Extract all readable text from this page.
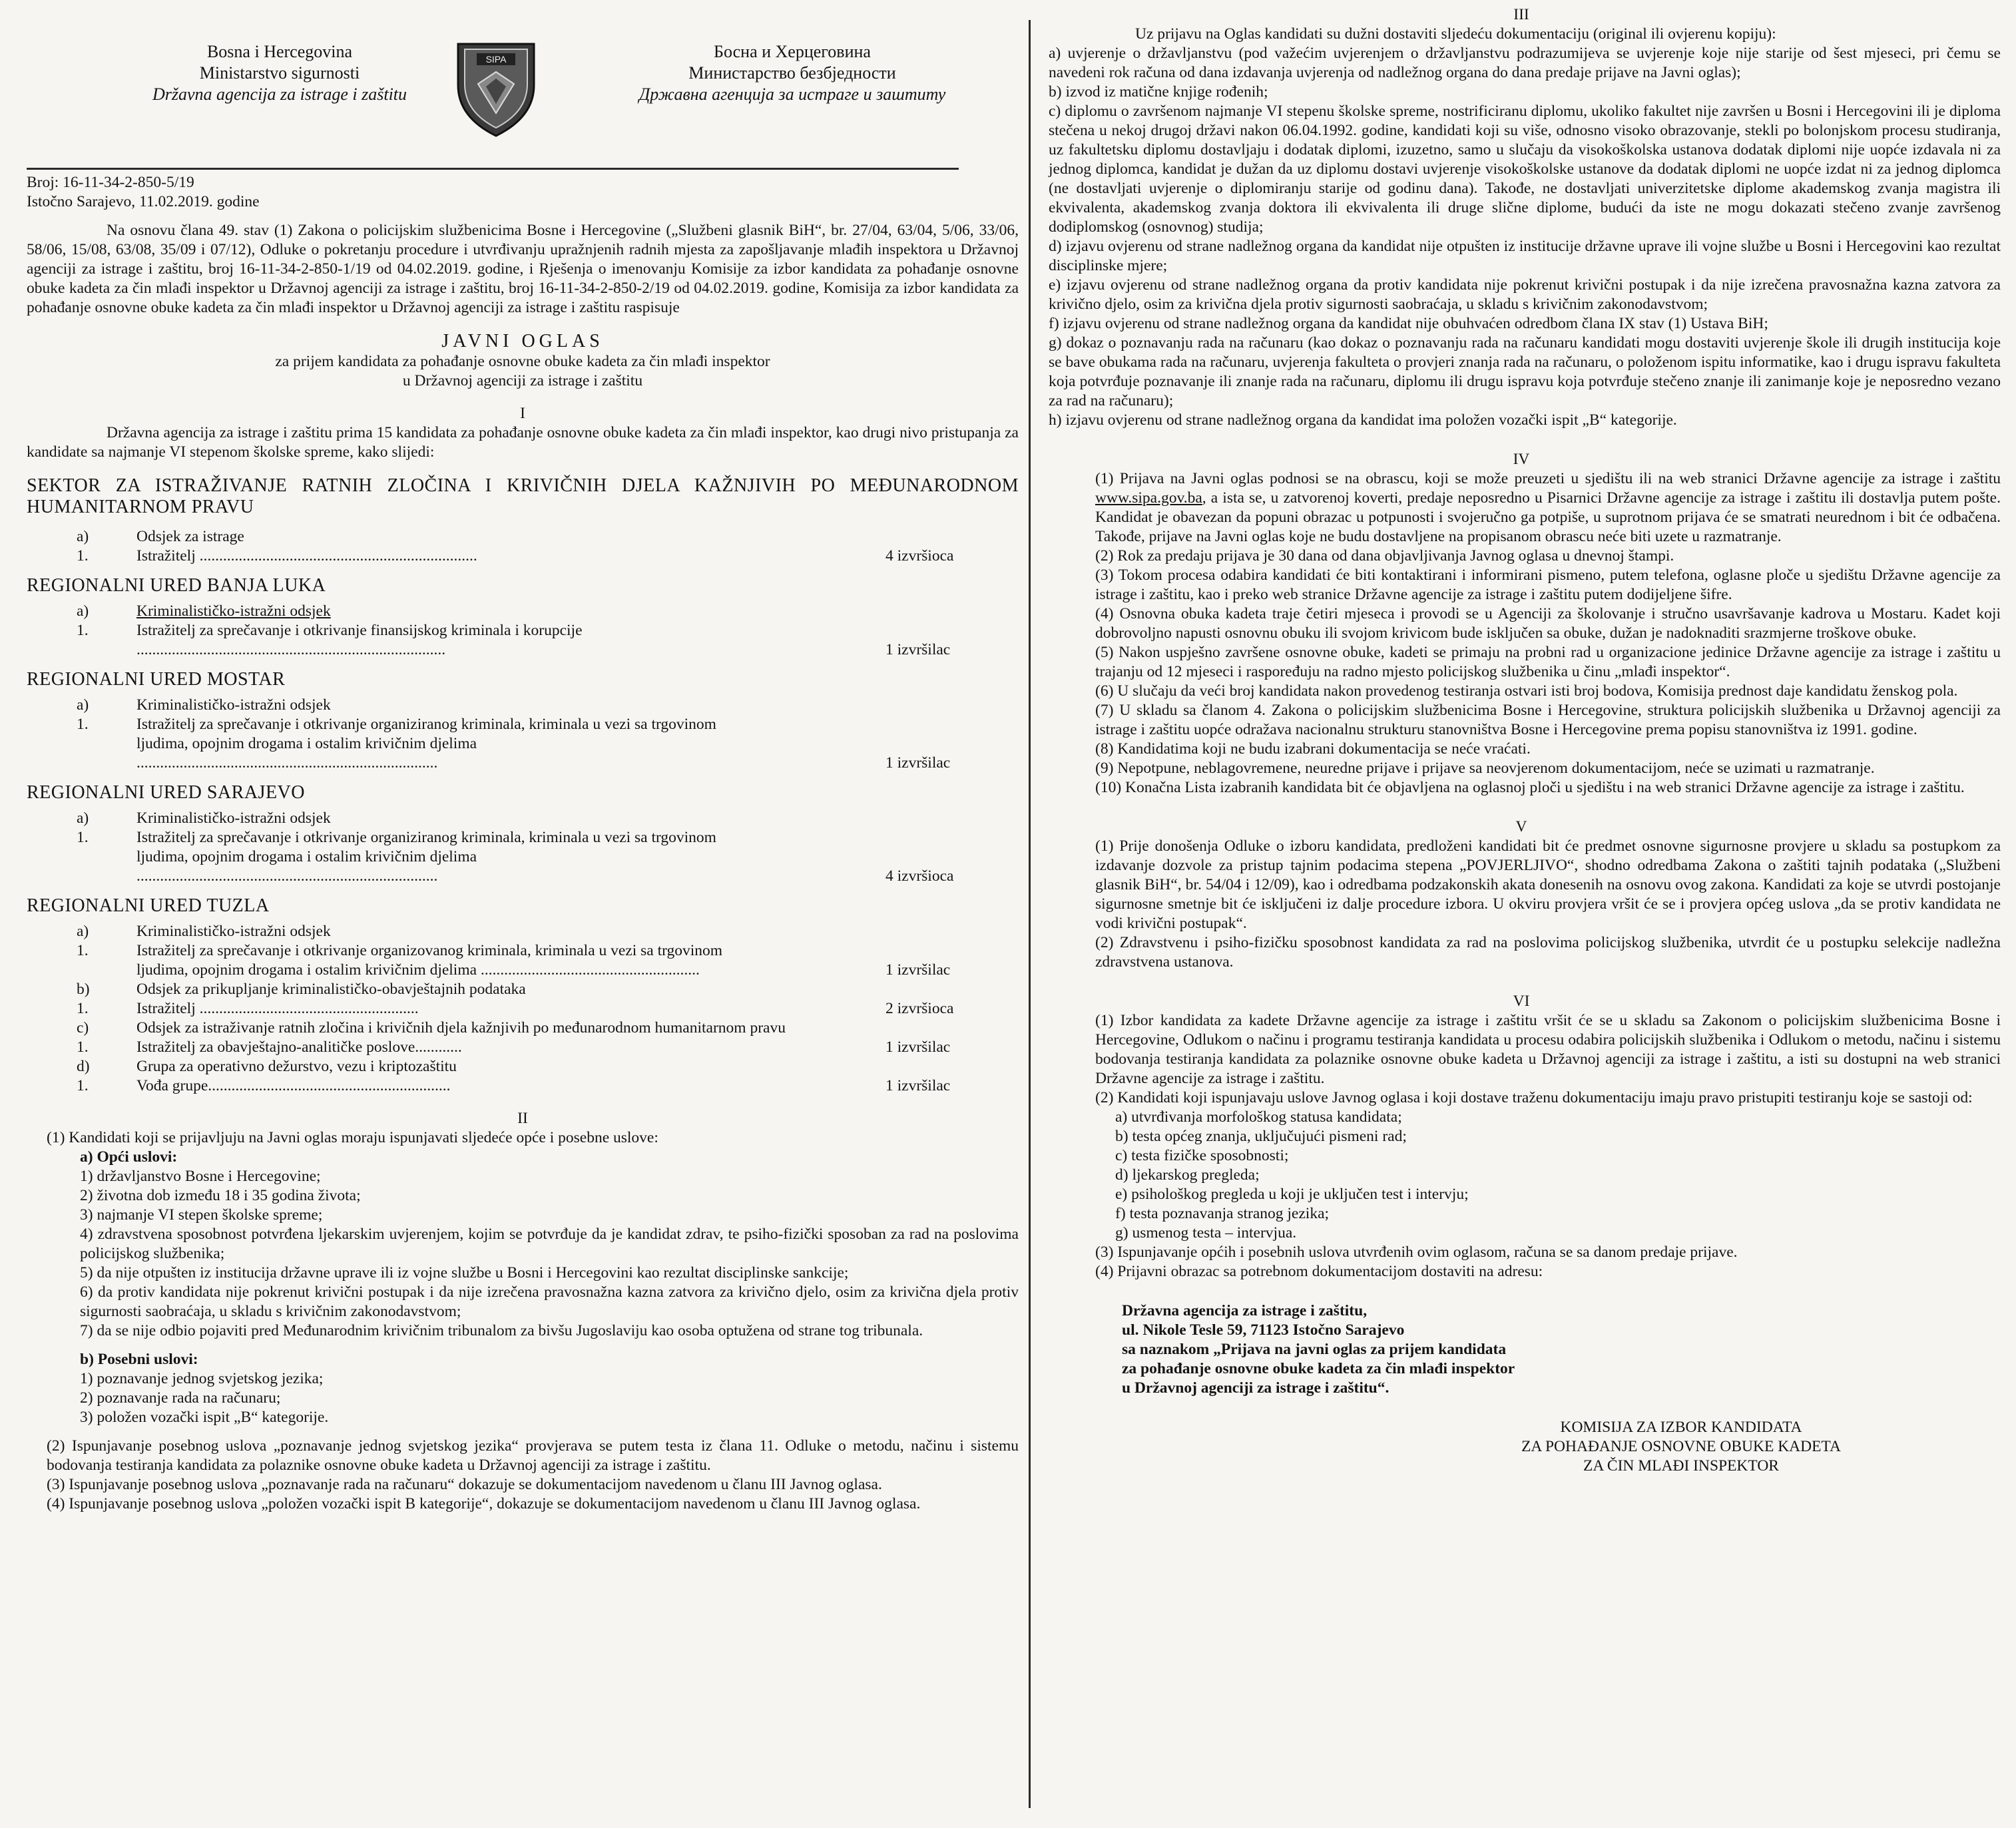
Bosna i Hercegovina
Ministarstvo sigurnosti
Državna agencija za istrage i zaštitu
SIPA	Босна и Херцеговина
Министарство безбједности
Државна агенција за истраге и заштиту

Broj: 16-11-34-2-850-5/19

Istočno Sarajevo, 11.02.2019. godine

Na osnovu člana 49. stav (1) Zakona o policijskim službenicima Bosne i Hercegovine („Službeni glasnik BiH“, br. 27/04, 63/04, 5/06, 33/06, 58/06, 15/08, 63/08, 35/09 i 07/12), Odluke o pokretanju procedure i utvrđivanju upražnjenih radnih mjesta za zapošljavanje mlađih inspektora u Državnoj agenciji za istrage i zaštitu, broj 16-11-34-2-850-1/19 od 04.02.2019. godine, i Rješenja o imenovanju Komisije za izbor kandidata za pohađanje osnovne obuke kadeta za čin mlađi inspektor u Državnoj agenciji za istrage i zaštitu, broj 16-11-34-2-850-2/19 od 04.02.2019. godine, Komisija za izbor kandidata za pohađanje osnovne obuke kadeta za čin mlađi inspektor u Državnoj agenciji za istrage i zaštitu raspisuje

JAVNI OGLAS

za prijem kandidata za pohađanje osnovne obuke kadeta za čin mlađi inspektor

u Državnoj agenciji za istrage i zaštitu

I

Državna agencija za istrage i zaštitu prima 15 kandidata za pohađanje osnovne obuke kadeta za čin mlađi inspektor, kao drugi nivo pristupanja za kandidate sa najmanje VI stepenom školske spreme, kako slijedi:

SEKTOR ZA ISTRAŽIVANJE RATNIH ZLOČINA I KRIVIČNIH DJELA KAŽNJIVIH PO MEĐUNARODNOM HUMANITARNOM PRAVU

a)	Odsjek za istrage
1.	Istražitelj .......................................................................	4 izvršioca

REGIONALNI URED BANJA LUKA

a)	Kriminalističko-istražni odsjek
1.	Istražitelj za sprečavanje i otkrivanje finansijskog kriminala i korupcije ...............................................................................	1 izvršilac

REGIONALNI URED MOSTAR

a)	Kriminalističko-istražni odsjek
1.	Istražitelj za sprečavanje i otkrivanje organiziranog kriminala, kriminala u vezi sa trgovinom ljudima, opojnim drogama i ostalim krivičnim djelima .............................................................................	1 izvršilac

REGIONALNI URED SARAJEVO

a)	Kriminalističko-istražni odsjek
1.	Istražitelj za sprečavanje i otkrivanje organiziranog kriminala, kriminala u vezi sa trgovinom ljudima, opojnim drogama i ostalim krivičnim djelima .............................................................................	4 izvršioca

REGIONALNI URED TUZLA

a)	Kriminalističko-istražni odsjek
1.	Istražitelj za sprečavanje i otkrivanje organizovanog kriminala, kriminala u vezi sa trgovinom ljudima, opojnim drogama i ostalim krivičnim djelima ........................................................	1 izvršilac
b)	Odsjek za prikupljanje kriminalističko-obavještajnih podataka
1.	Istražitelj ........................................................	2 izvršioca
c)	Odsjek za istraživanje ratnih zločina i krivičnih djela kažnjivih po međunarodnom humanitarnom pravu
1.	Istražitelj za obavještajno-analitičke poslove............	1 izvršilac
d)	Grupa za operativno dežurstvo, vezu i kriptozaštitu
1.	Vođa grupe..............................................................	1 izvršilac

II

(1) Kandidati koji se prijavljuju na Javni oglas moraju ispunjavati sljedeće opće i posebne uslove:

a) Opći uslovi:

1) državljanstvo Bosne i Hercegovine;

2) životna dob između 18 i 35 godina života;

3) najmanje VI stepen školske spreme;

4) zdravstvena sposobnost potvrđena ljekarskim uvjerenjem, kojim se potvrđuje da je kandidat zdrav, te psiho-fizički sposoban za rad na poslovima policijskog službenika;

5) da nije otpušten iz institucija državne uprave ili iz vojne službe u Bosni i Hercegovini kao rezultat disciplinske sankcije;

6) da protiv kandidata nije pokrenut krivični postupak i da nije izrečena pravosnažna kazna zatvora za krivično djelo, osim za krivična djela protiv sigurnosti saobraćaja, u skladu s krivičnim zakonodavstvom;

7) da se nije odbio pojaviti pred Međunarodnim krivičnim tribunalom za bivšu Jugoslaviju kao osoba optužena od strane tog tribunala.

b) Posebni uslovi:

1) poznavanje jednog svjetskog jezika;

2) poznavanje rada na računaru;

3) položen vozački ispit „B“ kategorije.

(2) Ispunjavanje posebnog uslova „poznavanje jednog svjetskog jezika“ provjerava se putem testa iz člana 11. Odluke o metodu, načinu i sistemu bodovanja testiranja kandidata za polaznike osnovne obuke kadeta u Državnoj agenciji za istrage i zaštitu.

(3) Ispunjavanje posebnog uslova „poznavanje rada na računaru“ dokazuje se dokumentacijom navedenom u članu III Javnog oglasa.

(4) Ispunjavanje posebnog uslova „položen vozački ispit B kategorije“, dokazuje se dokumentacijom navedenom u članu III Javnog oglasa.

III

Uz prijavu na Oglas kandidati su dužni dostaviti sljedeću dokumentaciju (original ili ovjerenu kopiju):

a) uvjerenje o državljanstvu (pod važećim uvjerenjem o državljanstvu podrazumijeva se uvjerenje koje nije starije od šest mjeseci, pri čemu se navedeni rok računa od dana izdavanja uvjerenja od nadležnog organa do dana predaje prijave na Javni oglas);

b) izvod iz matične knjige rođenih;

c) diplomu o završenom najmanje VI stepenu školske spreme, nostrificiranu diplomu, ukoliko fakultet nije završen u Bosni i Hercegovini ili je diploma stečena u nekoj drugoj državi nakon 06.04.1992. godine, kandidati koji su više, odnosno visoko obrazovanje, stekli po bolonjskom procesu studiranja, uz fakultetsku diplomu dostavljaju i dodatak diplomi, izuzetno, samo u slučaju da visokoškolska ustanova dodatak diplomi nije uopće izdavala ni za jednog diplomca, kandidat je dužan da uz diplomu dostavi uvjerenje visokoškolske ustanove da dodatak diplomi ne uopće izdat ni za jednog diplomca (ne dostavljati uvjerenje o diplomiranju starije od godinu dana). Takođe, ne dostavljati univerzitetske diplome akademskog zvanja magistra ili ekvivalenta, akademskog zvanja doktora ili ekvivalenta ili druge slične diplome, budući da iste ne mogu dokazati stečeno zvanje završenog dodiplomskog (osnovnog) studija;

d) izjavu ovjerenu od strane nadležnog organa da kandidat nije otpušten iz institucije državne uprave ili vojne službe u Bosni i Hercegovini kao rezultat disciplinske mjere;

e) izjavu ovjerenu od strane nadležnog organa da protiv kandidata nije pokrenut krivični postupak i da nije izrečena pravosnažna kazna zatvora za krivično djelo, osim za krivična djela protiv sigurnosti saobraćaja, u skladu s krivičnim zakonodavstvom;

f) izjavu ovjerenu od strane nadležnog organa da kandidat nije obuhvaćen odredbom člana IX stav (1) Ustava BiH;

g) dokaz o poznavanju rada na računaru (kao dokaz o poznavanju rada na računaru kandidati mogu dostaviti uvjerenje škole ili drugih institucija koje se bave obukama rada na računaru, uvjerenja fakulteta o provjeri znanja rada na računaru, o položenom ispitu informatike, kao i drugu ispravu fakulteta koja potvrđuje poznavanje ili znanje rada na računaru, diplomu ili drugu ispravu koja potvrđuje stečeno znanje ili zanimanje koje je neposredno vezano za rad na računaru);

h) izjavu ovjerenu od strane nadležnog organa da kandidat ima položen vozački ispit „B“ kategorije.

IV

(1) Prijava na Javni oglas podnosi se na obrascu, koji se može preuzeti u sjedištu ili na web stranici Državne agencije za istrage i zaštitu www.sipa.gov.ba, a ista se, u zatvorenoj koverti, predaje neposredno u Pisarnici Državne agencije za istrage i zaštitu ili dostavlja putem pošte. Kandidat je obavezan da popuni obrazac u potpunosti i svojeručno ga potpiše, u suprotnom prijava će se smatrati neurednom i bit će odbačena. Takođe, prijave na Javni oglas koje ne budu dostavljene na propisanom obrascu neće biti uzete u razmatranje.

(2) Rok za predaju prijava je 30 dana od dana objavljivanja Javnog oglasa u dnevnoj štampi.

(3) Tokom procesa odabira kandidati će biti kontaktirani i informirani pismeno, putem telefona, oglasne ploče u sjedištu Državne agencije za istrage i zaštitu, kao i preko web stranice Državne agencije za istrage i zaštitu putem dodijeljene šifre.

(4) Osnovna obuka kadeta traje četiri mjeseca i provodi se u Agenciji za školovanje i stručno usavršavanje kadrova u Mostaru. Kadet koji dobrovoljno napusti osnovnu obuku ili svojom krivicom bude isključen sa obuke, dužan je nadoknaditi srazmjerne troškove obuke.

(5) Nakon uspješno završene osnovne obuke, kadeti se primaju na probni rad u organizacione jedinice Državne agencije za istrage i zaštitu u trajanju od 12 mjeseci i raspoređuju na radno mjesto policijskog službenika u činu „mlađi inspektor“.

(6) U slučaju da veći broj kandidata nakon provedenog testiranja ostvari isti broj bodova, Komisija prednost daje kandidatu ženskog pola.

(7) U skladu sa članom 4. Zakona o policijskim službenicima Bosne i Hercegovine, struktura policijskih službenika u Državnoj agenciji za istrage i zaštitu uopće odražava nacionalnu strukturu stanovništva Bosne i Hercegovine prema popisu stanovništva iz 1991. godine.

(8) Kandidatima koji ne budu izabrani dokumentacija se neće vraćati.

(9) Nepotpune, neblagovremene, neuredne prijave i prijave sa neovjerenom dokumentacijom, neće se uzimati u razmatranje.

(10) Konačna Lista izabranih kandidata bit će objavljena na oglasnoj ploči u sjedištu i na web stranici Državne agencije za istrage i zaštitu.

V

(1) Prije donošenja Odluke o izboru kandidata, predloženi kandidati bit će predmet osnovne sigurnosne provjere u skladu sa postupkom za izdavanje dozvole za pristup tajnim podacima stepena „POVJERLJIVO“, shodno odredbama Zakona o zaštiti tajnih podataka („Službeni glasnik BiH“, br. 54/04 i 12/09), kao i odredbama podzakonskih akata donesenih na osnovu ovog zakona. Kandidati za koje se utvrdi postojanje sigurnosne smetnje bit će isključeni iz dalje procedure izbora. U okviru provjera vršit će se i provjera općeg uslova „da se protiv kandidata ne vodi krivični postupak“.

(2) Zdravstvenu i psiho-fizičku sposobnost kandidata za rad na poslovima policijskog službenika, utvrdit će u postupku selekcije nadležna zdravstvena ustanova.

VI

(1) Izbor kandidata za kadete Državne agencije za istrage i zaštitu vršit će se u skladu sa Zakonom o policijskim službenicima Bosne i Hercegovine, Odlukom o načinu i programu testiranja kandidata u procesu odabira policijskih službenika i Odlukom o metodu, načinu i sistemu bodovanja testiranja kandidata za polaznike osnovne obuke kadeta u Državnoj agenciji za istrage i zaštitu, a isti su dostupni na web stranici Državne agencije za istrage i zaštitu.

(2) Kandidati koji ispunjavaju uslove Javnog oglasa i koji dostave traženu dokumentaciju imaju pravo pristupiti testiranju koje se sastoji od:

a) utvrđivanja morfološkog statusa kandidata;

b) testa općeg znanja, uključujući pismeni rad;

c) testa fizičke sposobnosti;

d) ljekarskog pregleda;

e) psihološkog pregleda u koji je uključen test i intervju;

f) testa poznavanja stranog jezika;

g) usmenog testa – intervjua.

(3) Ispunjavanje općih i posebnih uslova utvrđenih ovim oglasom, računa se sa danom predaje prijave.

(4) Prijavni obrazac sa potrebnom dokumentacijom dostaviti na adresu:

Državna agencija za istrage i zaštitu,

ul. Nikole Tesle 59, 71123 Istočno Sarajevo

sa naznakom „Prijava na javni oglas za prijem kandidata

za pohađanje osnovne obuke kadeta za čin mlađi inspektor

u Državnoj agenciji za istrage i zaštitu“.

KOMISIJA ZA IZBOR KANDIDATA

ZA POHAĐANJE OSNOVNE OBUKE KADETA

ZA ČIN MLAĐI INSPEKTOR
